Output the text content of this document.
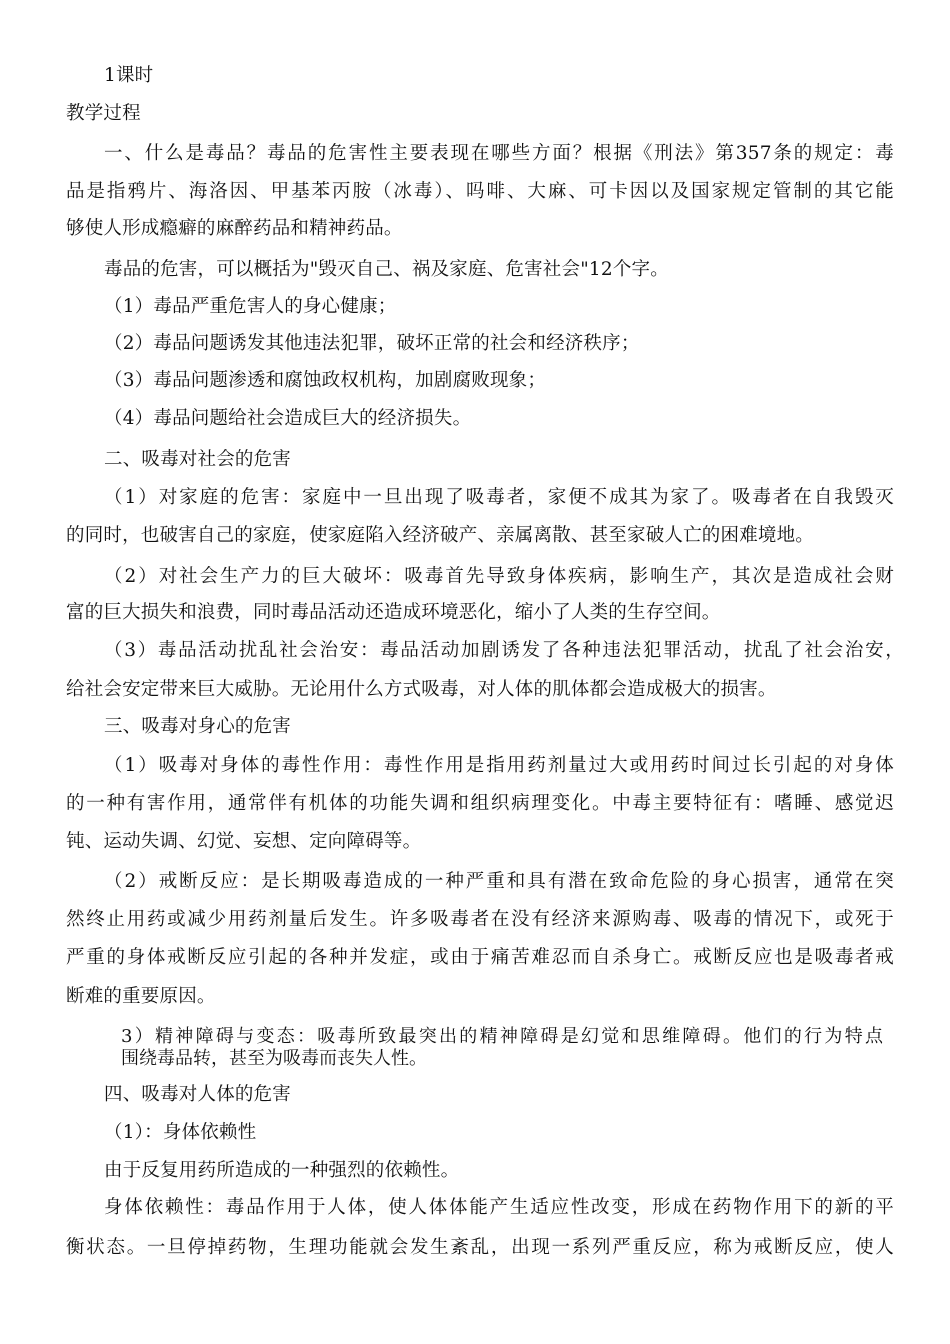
1课时
教学过程
一、什么是毒品？毒品的危害性主要表现在哪些方面？根据《刑法》第357条的规定：毒
品是指鸦片、海洛因、甲基苯丙胺（冰毒）、吗啡、大麻、可卡因以及国家规定管制的其它能
够使人形成瘾癖的麻醉药品和精神药品。
毒品的危害，可以概括为"毁灭自己、祸及家庭、危害社会"12个字。
（1）毒品严重危害人的身心健康；
（2）毒品问题诱发其他违法犯罪，破坏正常的社会和经济秩序；
（3）毒品问题渗透和腐蚀政权机构，加剧腐败现象；
（4）毒品问题给社会造成巨大的经济损失。
二、吸毒对社会的危害
（1）对家庭的危害：家庭中一旦出现了吸毒者，家便不成其为家了。吸毒者在自我毁灭
的同时，也破害自己的家庭，使家庭陷入经济破产、亲属离散、甚至家破人亡的困难境地。
（2）对社会生产力的巨大破坏：吸毒首先导致身体疾病，影响生产，其次是造成社会财
富的巨大损失和浪费，同时毒品活动还造成环境恶化，缩小了人类的生存空间。
（3）毒品活动扰乱社会治安：毒品活动加剧诱发了各种违法犯罪活动，扰乱了社会治安，
给社会安定带来巨大威胁。无论用什么方式吸毒，对人体的肌体都会造成极大的损害。
三、吸毒对身心的危害
（1）吸毒对身体的毒性作用：毒性作用是指用药剂量过大或用药时间过长引起的对身体
的一种有害作用，通常伴有机体的功能失调和组织病理变化。中毒主要特征有：嗜睡、感觉迟
钝、运动失调、幻觉、妄想、定向障碍等。
（2）戒断反应：是长期吸毒造成的一种严重和具有潜在致命危险的身心损害，通常在突
然终止用药或减少用药剂量后发生。许多吸毒者在没有经济来源购毒、吸毒的情况下，或死于
严重的身体戒断反应引起的各种并发症，或由于痛苦难忍而自杀身亡。戒断反应也是吸毒者戒
断难的重要原因。
3）精神障碍与变态：吸毒所致最突出的精神障碍是幻觉和思维障碍。他们的行为特点
围绕毒品转，甚至为吸毒而丧失人性。
四、吸毒对人体的危害
（1）：身体依赖性
由于反复用药所造成的一种强烈的依赖性。
身体依赖性：毒品作用于人体，使人体体能产生适应性改变，形成在药物作用下的新的平
衡状态。一旦停掉药物，生理功能就会发生紊乱，出现一系列严重反应，称为戒断反应，使人
